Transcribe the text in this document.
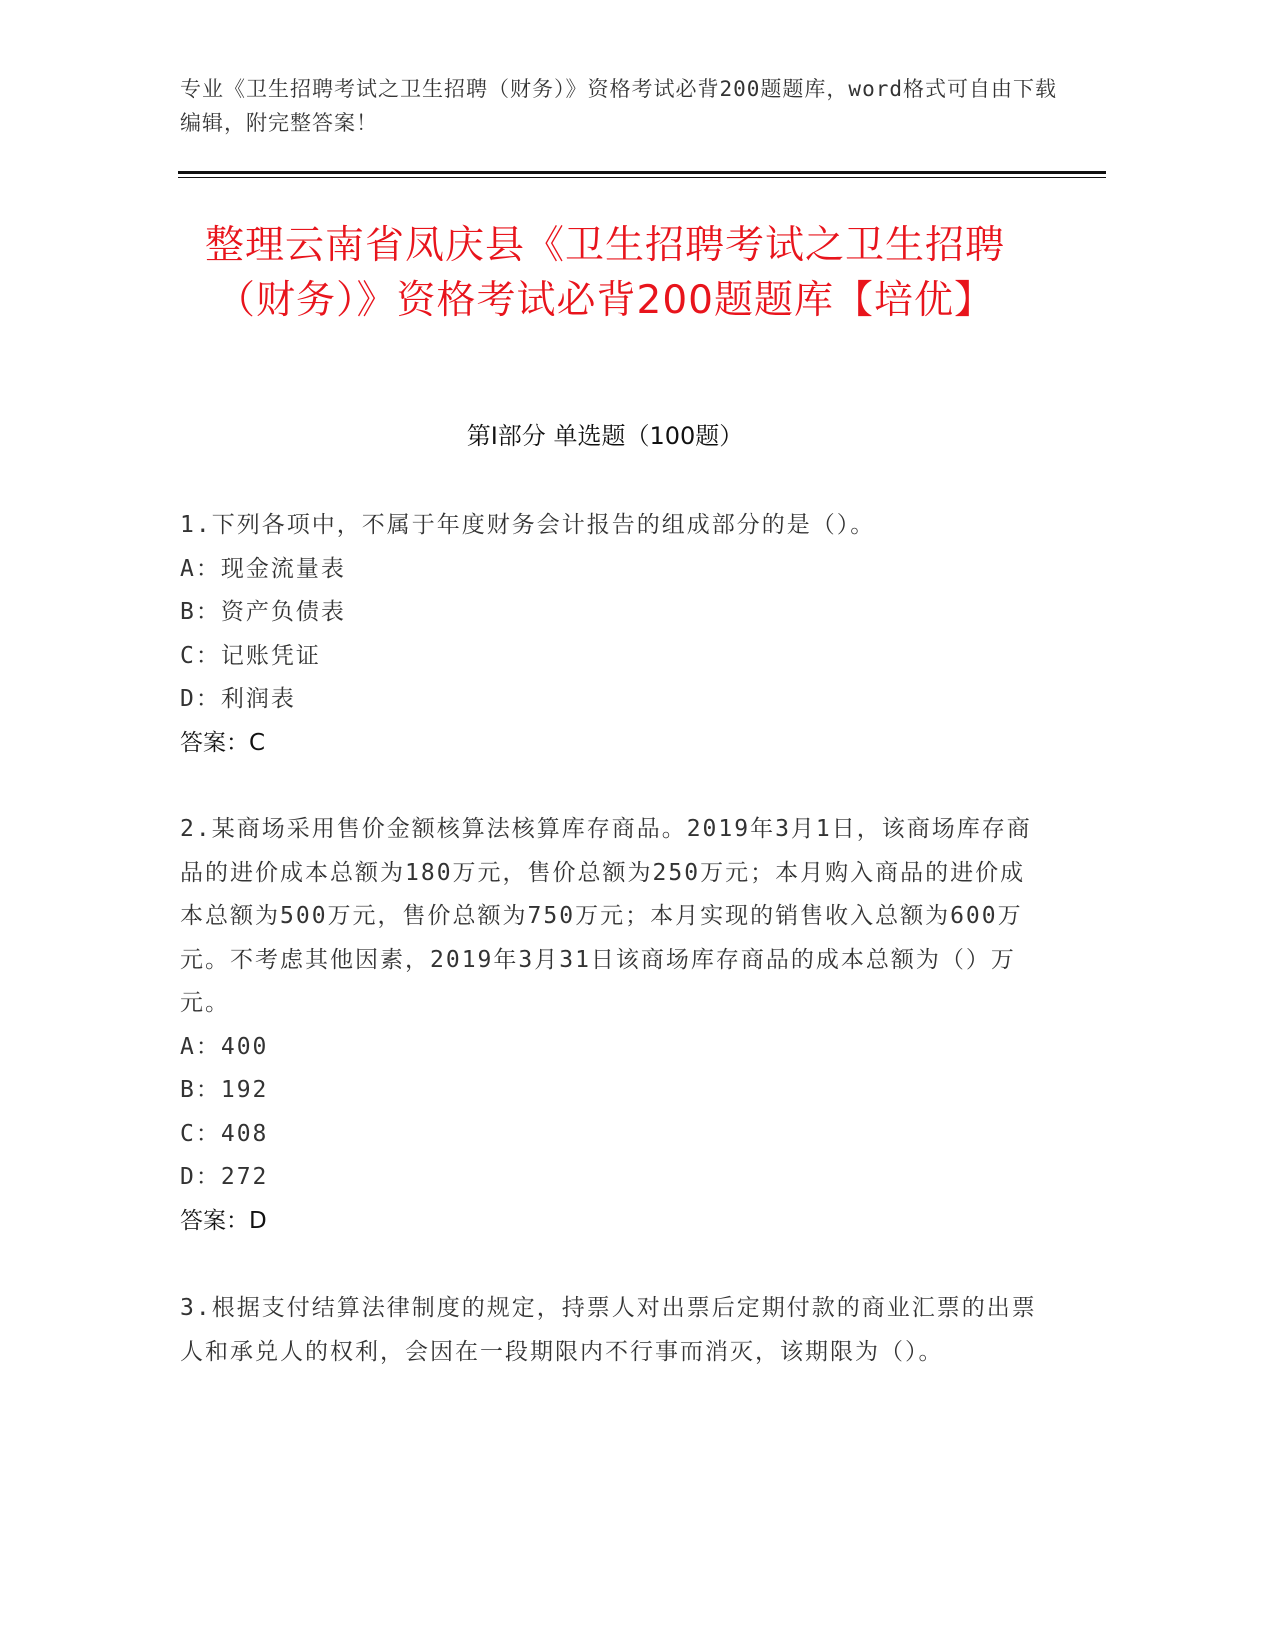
专业《卫生招聘考试之卫生招聘（财务）》资格考试必背200题题库，word格式可自由下载编辑，附完整答案！

整理云南省凤庆县《卫生招聘考试之卫生招聘（财务）》资格考试必背200题题库【培优】
第I部分 单选题（100题）

1.下列各项中，不属于年度财务会计报告的组成部分的是（）。

A：现金流量表

B：资产负债表

C：记账凭证

D：利润表

答案：C

2.某商场采用售价金额核算法核算库存商品。2019年3月1日，该商场库存商品的进价成本总额为180万元，售价总额为250万元；本月购入商品的进价成本总额为500万元，售价总额为750万元；本月实现的销售收入总额为600万元。不考虑其他因素，2019年3月31日该商场库存商品的成本总额为（）万元。

A：400

B：192

C：408

D：272

答案：D

3.根据支付结算法律制度的规定，持票人对出票后定期付款的商业汇票的出票人和承兑人的权利，会因在一段期限内不行事而消灭，该期限为（）。
